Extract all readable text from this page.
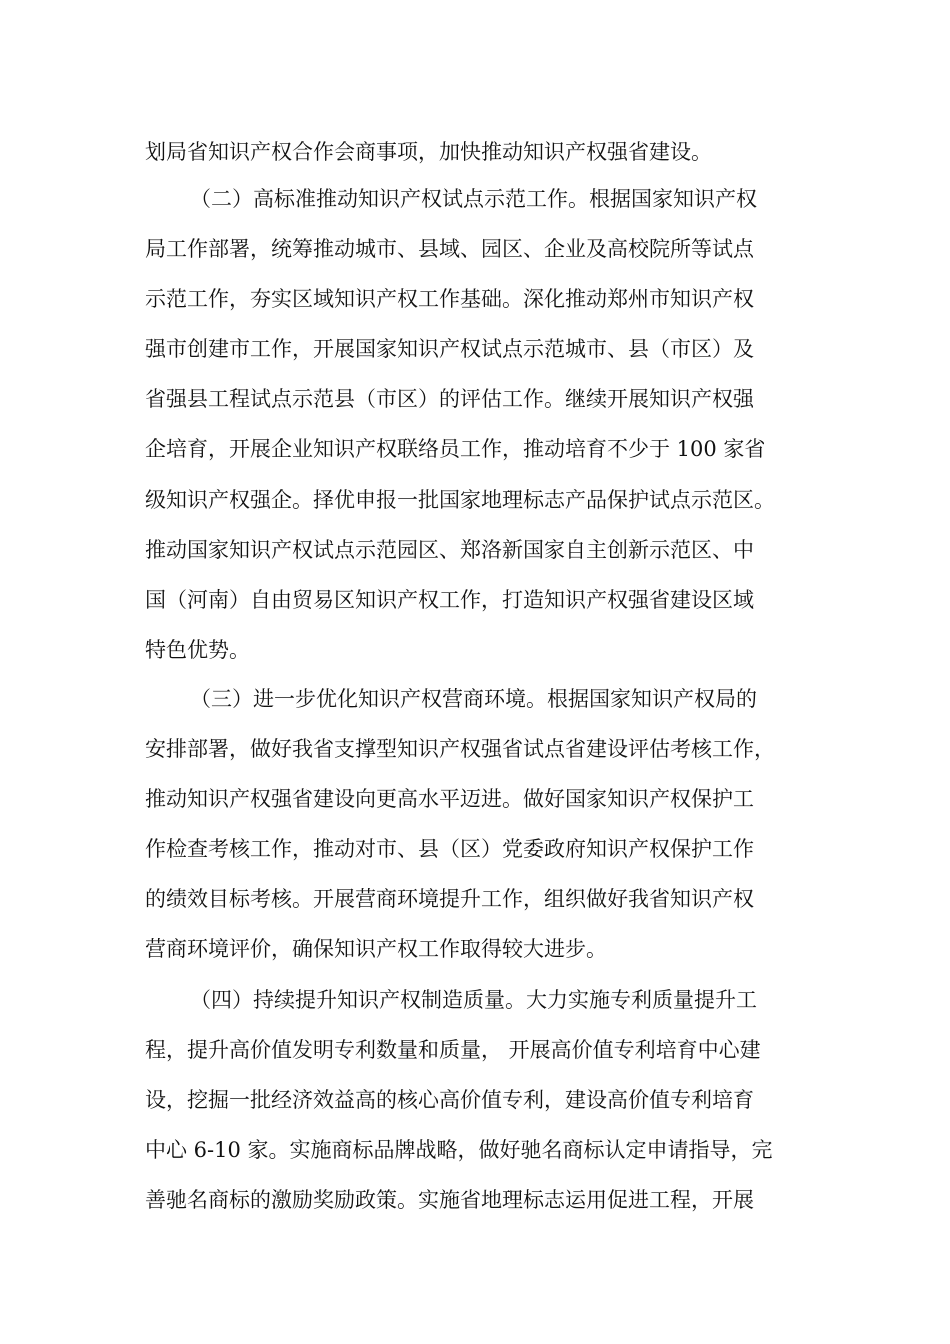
划局省知识产权合作会商事项，加快推动知识产权强省建设。
（二）高标准推动知识产权试点示范工作。根据国家知识产权
局工作部署，统筹推动城市、县域、园区、企业及高校院所等试点
示范工作，夯实区域知识产权工作基础。深化推动郑州市知识产权
强市创建市工作，开展国家知识产权试点示范城市、县（市区）及
省强县工程试点示范县（市区）的评估工作。继续开展知识产权强
企培育，开展企业知识产权联络员工作，推动培育不少于 100 家省
级知识产权强企。择优申报一批国家地理标志产品保护试点示范区。
推动国家知识产权试点示范园区、郑洛新国家自主创新示范区、中
国（河南）自由贸易区知识产权工作，打造知识产权强省建设区域
特色优势。
（三）进一步优化知识产权营商环境。根据国家知识产权局的
安排部署，做好我省支撑型知识产权强省试点省建设评估考核工作，
推动知识产权强省建设向更高水平迈进。做好国家知识产权保护工
作检查考核工作，推动对市、县（区）党委政府知识产权保护工作
的绩效目标考核。开展营商环境提升工作，组织做好我省知识产权
营商环境评价，确保知识产权工作取得较大进步。
（四）持续提升知识产权制造质量。大力实施专利质量提升工
程，提升高价值发明专利数量和质量， 开展高价值专利培育中心建
设，挖掘一批经济效益高的核心高价值专利，建设高价值专利培育
中心 6-10 家。实施商标品牌战略，做好驰名商标认定申请指导，完
善驰名商标的激励奖励政策。实施省地理标志运用促进工程，开展
